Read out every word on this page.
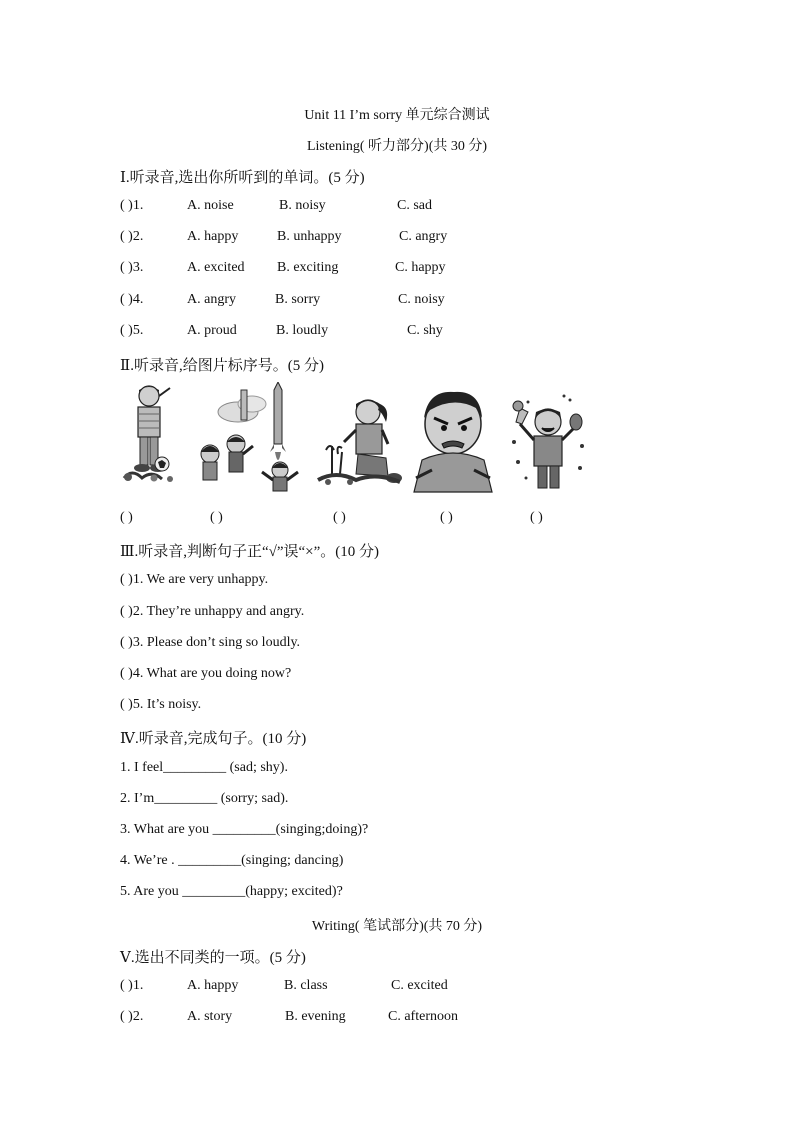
Unit 11 I’m sorry 单元综合测试
Listening( 听力部分)(共 30 分)
Ⅰ.听录音,选出你所听到的单词。(5 分)
( )1.	A. noise	B. noisy	C. sad
( )2.	A. happy	B. unhappy	C. angry
( )3.	A. excited B. exciting	C. happy
( )4.	A. angry	B. sorry	C. noisy
( )5.	A. proud	B. loudly	C. shy
Ⅱ.听录音,给图片标序号。(5 分)
( )	( )	( )	( )	( )
Ⅲ.听录音,判断句子正“√”误“×”。(10 分)
( )1. We are very unhappy.
( )2. They’re unhappy and angry.
( )3. Please don’t sing so loudly.
( )4. What are you doing now?
( )5. It’s noisy.
Ⅳ.听录音,完成句子。(10 分)
1. I feel_________ (sad; shy).
2. I’m_________ (sorry; sad).
3. What are you _________(singing;doing)?
4. We’re . _________(singing; dancing)
5. Are you _________(happy; excited)?
Writing( 笔试部分)(共 70 分)
Ⅴ.选出不同类的一项。(5 分)
( )1.	A. happy	B. class	C. excited
( )2.	A. story	B. evening	C. afternoon
